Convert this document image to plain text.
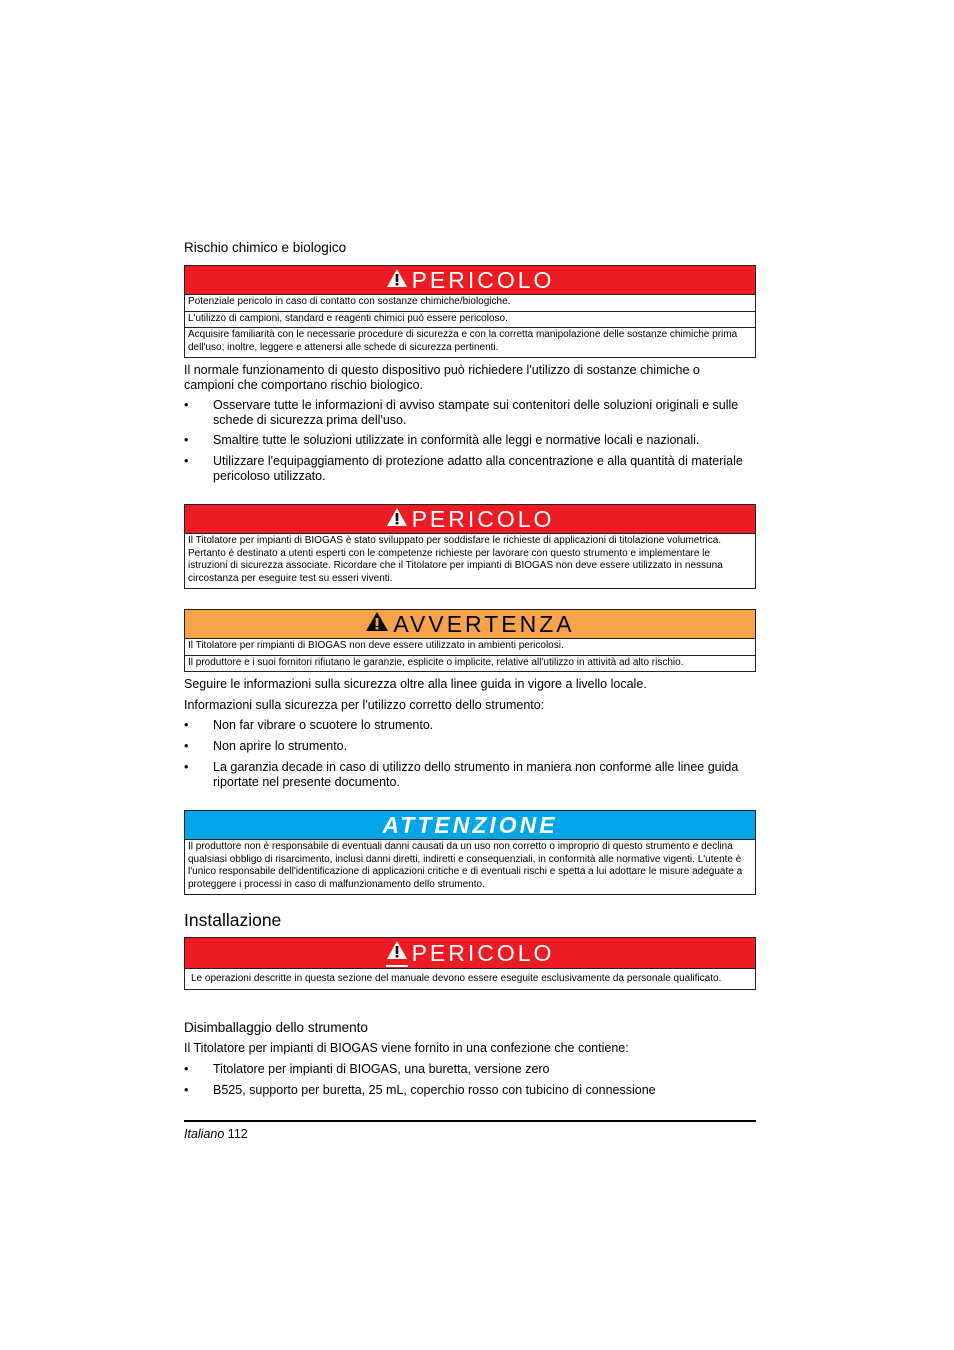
Rischio chimico e biologico
PERICOLO
Potenziale pericolo in caso di contatto con sostanze chimiche/biologiche.
L'utilizzo di campioni, standard e reagenti chimici può essere pericoloso.
Acquisire familiarità con le necessarie procedure di sicurezza e con la corretta manipolazione delle sostanze chimiche prima dell'uso; inoltre, leggere e attenersi alle schede di sicurezza pertinenti.
Il normale funzionamento di questo dispositivo può richiedere l'utilizzo di sostanze chimiche o campioni che comportano rischio biologico.
•	Osservare tutte le informazioni di avviso stampate sui contenitori delle soluzioni originali e sulle schede di sicurezza prima dell'uso.
•	Smaltire tutte le soluzioni utilizzate in conformità alle leggi e normative locali e nazionali.
•	Utilizzare l'equipaggiamento di protezione adatto alla concentrazione e alla quantità di materiale pericoloso utilizzato.
PERICOLO
Il Titolatore per impianti di BIOGAS è stato sviluppato per soddisfare le richieste di applicazioni di titolazione volumetrica. Pertanto è destinato a utenti esperti con le competenze richieste per lavorare con questo strumento e implementare le istruzioni di sicurezza associate. Ricordare che il Titolatore per impianti di BIOGAS non deve essere utilizzato in nessuna circostanza per eseguire test su esseri viventi.
AVVERTENZA
Il Titolatore per rimpianti di BIOGAS non deve essere utilizzato in ambienti pericolosi.
Il produttore e i suoi fornitori rifiutano le garanzie, esplicite o implicite, relative all'utilizzo in attività ad alto rischio.
Seguire le informazioni sulla sicurezza oltre alla linee guida in vigore a livello locale.
Informazioni sulla sicurezza per l'utilizzo corretto dello strumento:
•	Non far vibrare o scuotere lo strumento.
•	Non aprire lo strumento.
•	La garanzia decade in caso di utilizzo dello strumento in maniera non conforme alle linee guida riportate nel presente documento.
ATTENZIONE
Il produttore non è responsabile di eventuali danni causati da un uso non corretto o improprio di questo strumento e declina qualsiasi obbligo di risarcimento, inclusi danni diretti, indiretti e consequenziali, in conformità alle normative vigenti. L'utente è l'unico responsabile dell'identificazione di applicazioni critiche e di eventuali rischi e spetta a lui adottare le misure adeguate a proteggere i processi in caso di malfunzionamento dello strumento.
Installazione
PERICOLO
Le operazioni descritte in questa sezione del manuale devono essere eseguite esclusivamente da personale qualificato.
Disimballaggio dello strumento
Il Titolatore per impianti di BIOGAS viene fornito in una confezione che contiene:
•	Titolatore per impianti di BIOGAS, una buretta, versione zero
•	B525, supporto per buretta, 25 mL, coperchio rosso con tubicino di connessione
Italiano 112
